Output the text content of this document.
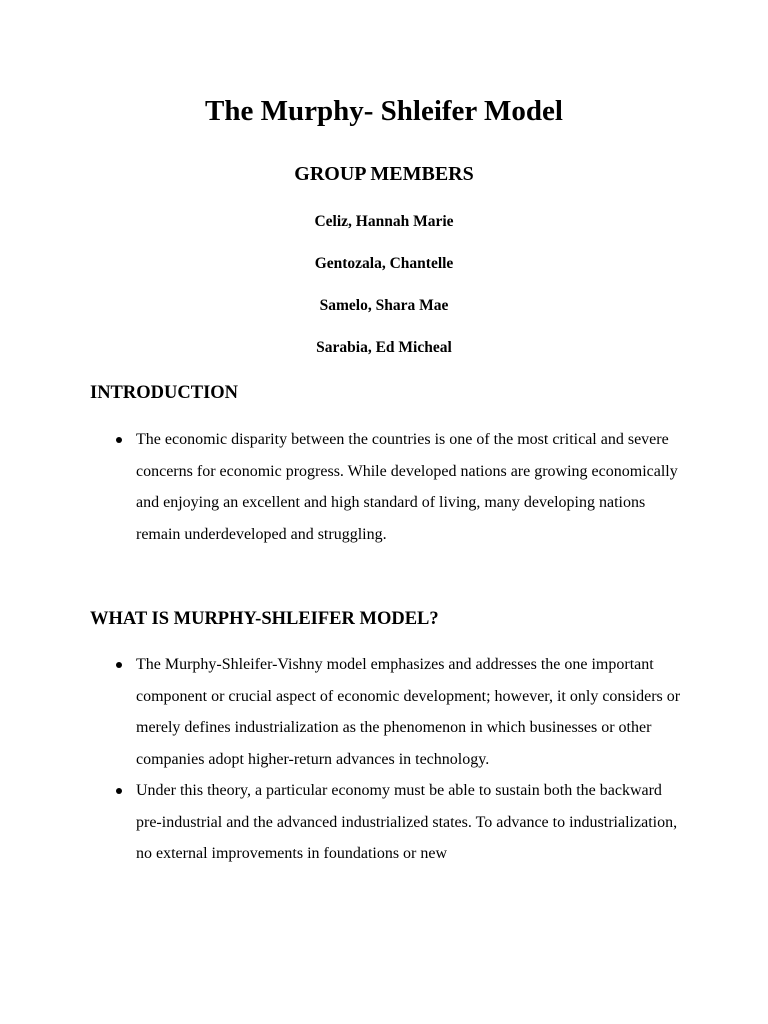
The Murphy- Shleifer Model
GROUP MEMBERS
Celiz, Hannah Marie
Gentozala, Chantelle
Samelo, Shara Mae
Sarabia, Ed Micheal
INTRODUCTION
The economic disparity between the countries is one of the most critical and severe concerns for economic progress. While developed nations are growing economically and enjoying an excellent and high standard of living, many developing nations remain underdeveloped and struggling.
WHAT IS MURPHY-SHLEIFER MODEL?
The Murphy-Shleifer-Vishny model emphasizes and addresses the one important component or crucial aspect of economic development; however, it only considers or merely defines industrialization as the phenomenon in which businesses or other companies adopt higher-return advances in technology.
Under this theory, a particular economy must be able to sustain both the backward pre-industrial and the advanced industrialized states. To advance to industrialization, no external improvements in foundations or new
